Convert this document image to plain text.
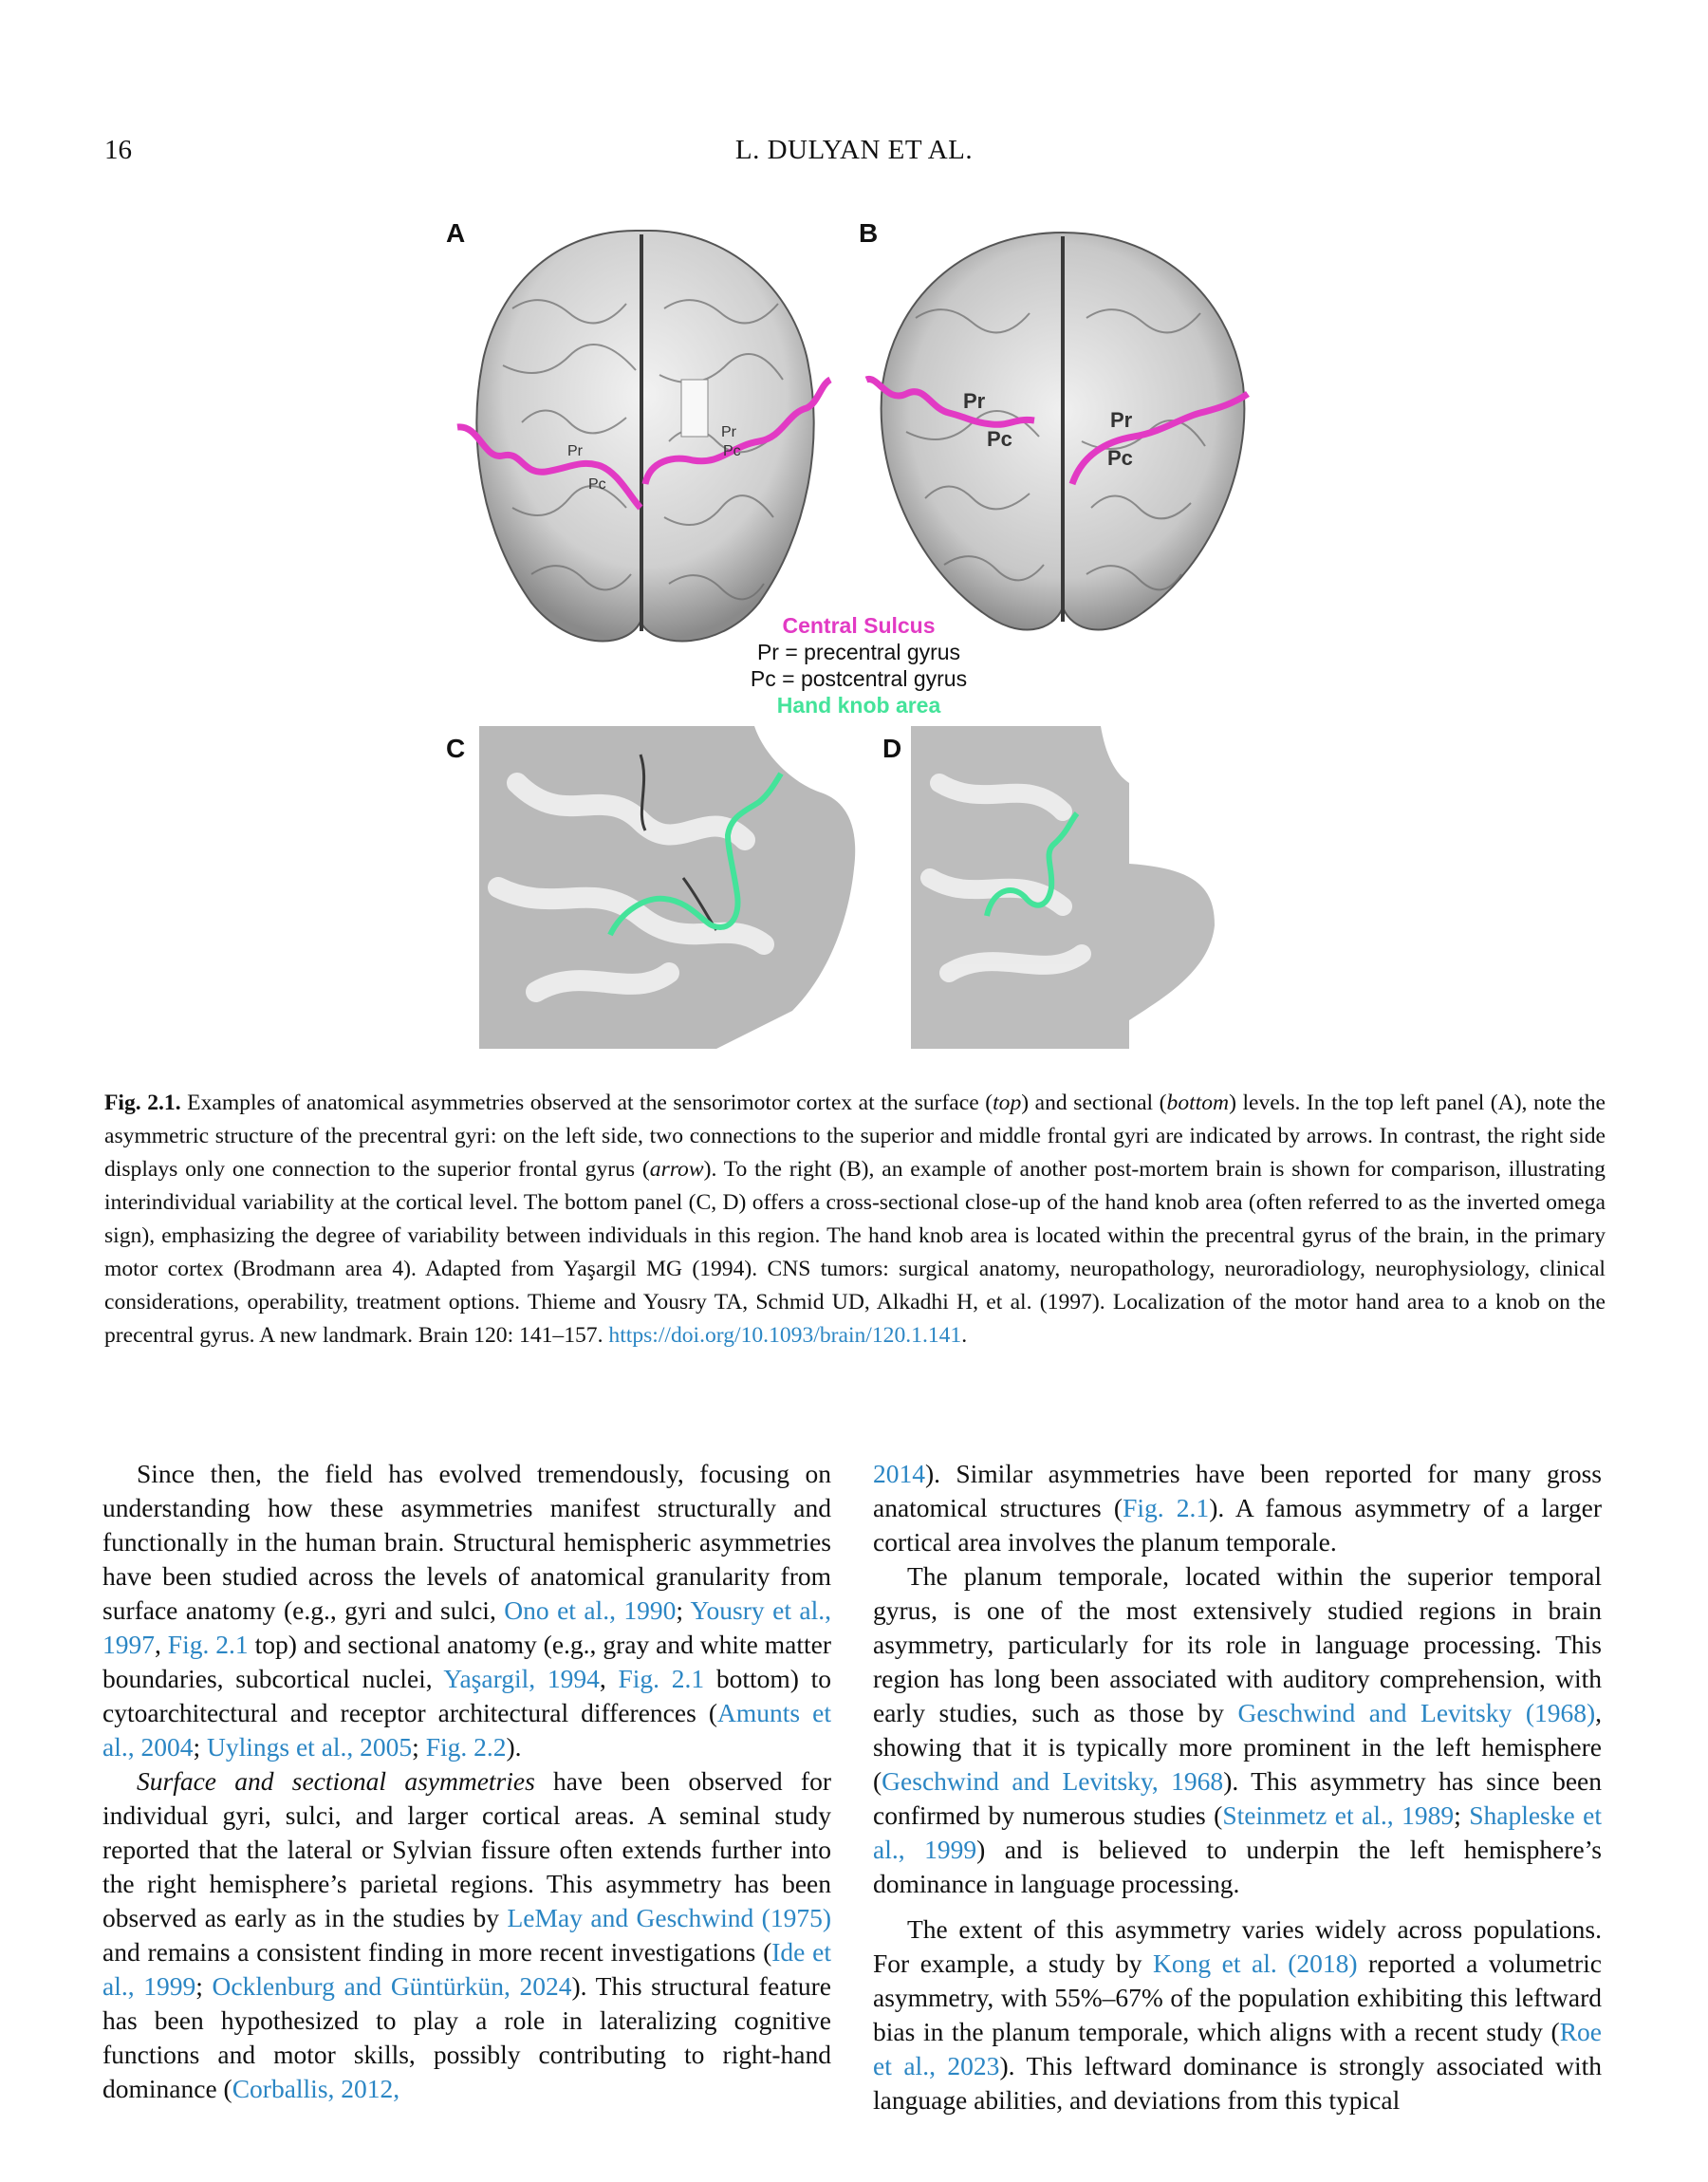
16	L. DULYAN ET AL.
A	B
Pr
Pc
Pr
Pc
Pr
Pc
Pr
Pc
Central Sulcus
Pr = precentral gyrus
Pc = postcentral gyrus
Hand knob area
C	D
Fig. 2.1. Examples of anatomical asymmetries observed at the sensorimotor cortex at the surface (top) and sectional (bottom) levels. In the top left panel (A), note the asymmetric structure of the precentral gyri: on the left side, two connections to the superior and middle frontal gyri are indicated by arrows. In contrast, the right side displays only one connection to the superior frontal gyrus (arrow). To the right (B), an example of another post-mortem brain is shown for comparison, illustrating interindividual variability at the cortical level. The bottom panel (C, D) offers a cross-sectional close-up of the hand knob area (often referred to as the inverted omega sign), emphasizing the degree of variability between individuals in this region. The hand knob area is located within the precentral gyrus of the brain, in the primary motor cortex (Brodmann area 4). Adapted from Yaşargil MG (1994). CNS tumors: surgical anatomy, neuropathology, neuroradiology, neurophysiology, clinical considerations, operability, treatment options. Thieme and Yousry TA, Schmid UD, Alkadhi H, et al. (1997). Localization of the motor hand area to a knob on the precentral gyrus. A new landmark. Brain 120: 141–157. https://doi.org/10.1093/brain/120.1.141.

Since then, the field has evolved tremendously, focusing on understanding how these asymmetries manifest structurally and functionally in the human brain. Structural hemispheric asymmetries have been studied across the levels of anatomical granularity from surface anatomy (e.g., gyri and sulci, Ono et al., 1990; Yousry et al., 1997, Fig. 2.1 top) and sectional anatomy (e.g., gray and white matter boundaries, subcortical nuclei, Yaşargil, 1994, Fig. 2.1 bottom) to cytoarchitectural and receptor architectural differences (Amunts et al., 2004; Uylings et al., 2005; Fig. 2.2).

Surface and sectional asymmetries have been observed for individual gyri, sulci, and larger cortical areas. A seminal study reported that the lateral or Sylvian fissure often extends further into the right hemisphere’s parietal regions. This asymmetry has been observed as early as in the studies by LeMay and Geschwind (1975) and remains a consistent finding in more recent investigations (Ide et al., 1999; Ocklenburg and Güntürkün, 2024). This structural feature has been hypothesized to play a role in lateralizing cognitive functions and motor skills, possibly contributing to right-hand dominance (Corballis, 2012,

2014). Similar asymmetries have been reported for many gross anatomical structures (Fig. 2.1). A famous asymmetry of a larger cortical area involves the planum temporale.

The planum temporale, located within the superior temporal gyrus, is one of the most extensively studied regions in brain asymmetry, particularly for its role in language processing. This region has long been associated with auditory comprehension, with early studies, such as those by Geschwind and Levitsky (1968), showing that it is typically more prominent in the left hemisphere (Geschwind and Levitsky, 1968). This asymmetry has since been confirmed by numerous studies (Steinmetz et al., 1989; Shapleske et al., 1999) and is believed to underpin the left hemisphere’s dominance in language processing.

The extent of this asymmetry varies widely across populations. For example, a study by Kong et al. (2018) reported a volumetric asymmetry, with 55%–67% of the population exhibiting this leftward bias in the planum temporale, which aligns with a recent study (Roe et al., 2023). This leftward dominance is strongly associated with language abilities, and deviations from this typical
